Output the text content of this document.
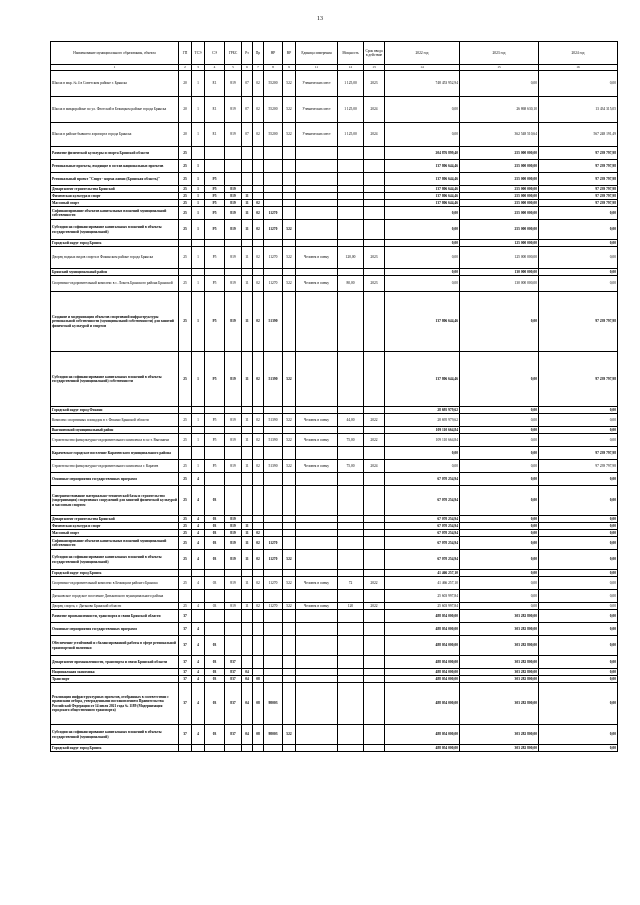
13
Наименование муниципального образования, объекта	ГП	ТСЭ	СЭ	ГРБС	Рз	Пр	НР	ВР	Единица измерения	Мощность	Срок ввода в действие	2022 год	2023 год	2024 год
1	2	3	4	5	6	7	8	9	11	12	13	14	15	16
Школа в мкр. № 4 в Советском районе г. Брянска	20	1	Е1	819	07	02	55200	522	Ученических мест	1 125,00	2023	748 453 952,94	0,00	0,00
Школа в микрорайоне по ул. Флотской в Бежицком районе города Брянска	20	1	Е1	819	07	02	55200	522	Ученических мест	1 125,00	2024	0,00	26 868 630,10	13 434 315,05
Школа в районе бывшего аэропорта города Брянска	20	1	Е1	819	07	02	55200	522	Ученических мест	1 125,00	2024	0,00	362 548 510,64	567 248 191,49
Развитие физической культуры и спорта Брянской области	25											204 876 899,40	255 000 000,00	97 239 797,98
Региональные проекты, входящие в состав национальных проектов	25	1										137 806 644,46	255 000 000,00	97 239 797,98
Региональный проект "Спорт - норма жизни (Брянская область)"	25	1	Р5									137 806 644,46	255 000 000,00	97 239 797,98
Департамент строительства Брянской	25	1	Р5	819								137 806 644,46	255 000 000,00	97 239 797,98
Физическая культура и спорт	25	1	Р5	819	11							137 806 644,46	255 000 000,00	97 239 797,98
Массовый спорт	25	1	Р5	819	11	02						137 806 644,46	255 000 000,00	97 239 797,98
Софинансирование объектов капитальных вложений муниципальной собственности	25	1	Р5	819	11	02	11270					0,00	255 000 000,00	0,00
Субсидии на софинансирование капитальных вложений в объекты государственной (муниципальной)	25	1	Р5	819	11	02	11270	522				0,00	255 000 000,00	0,00
Городской округ город Брянск												0,00	125 000 000,00	0,00
Дворец водных видов спорта в Фокинском районе города Брянска	25	1	Р5	819	11	02	11270	522	Человек в смену	120,00	2023	0,00	125 000 000,00	0,00
Брянский муниципальный район												0,00	130 000 000,00	0,00
Спортивно-оздоровительный комплекс в с. Локоть Брянского района Брянской	25	1	Р5	819	11	02	11270	522	Человек в смену	80,00	2023	0,00	130 000 000,00	0,00
Создание и модернизация объектов спортивной инфраструктуры региональной собственности (муниципальной собственности) для занятий физической культурой и спортом	25	1	Р5	819	11	02	51390					137 806 644,46	0,00	97 239 797,98
Субсидии на софинансирование капитальных вложений в объекты государственной (муниципальной) собственности	25	1	Р5	819	11	02	51390	522				137 806 644,46	0,00	97 239 797,98
Городской округ город Фокино												28 695 979,62	0,00	0,00
Комплекс спортивных площадок в г. Фокино Брянской области	25	1	Р5	819	11	02	51390	522	Человек в смену	44,00	2022	28 695 979,62	0,00	0,00
Выгоничский муниципальный район												109 110 664,84	0,00	0,00
Строительство физкультурно-оздоровительного комплекса в п.г.т. Выгоничи	25	1	Р5	819	11	02	51390	522	Человек в смену	75,00	2022	109 110 664,84	0,00	0,00
Карачевское городское поселение Карачевского муниципального района												0,00	0,00	97 239 797,98
Строительство физкультурно-оздоровительного комплекса г. Карачев	25	1	Р5	819	11	02	51390	522	Человек в смену	75,00	2024	0,00	0,00	97 239 797,98
Основные мероприятия государственных программ	25	4										67 070 254,94	0,00	0,00
Совершенствование материально-технической базы и строительство (модернизация) спортивных сооружений для занятий физической культурой и массовым спортом	25	4	03									67 070 254,94	0,00	0,00
Департамент строительства Брянской	25	4	03	819								67 070 254,94	0,00	0,00
Физическая культура и спорт	25	4	03	819	11							67 070 254,94	0,00	0,00
Массовый спорт	25	4	03	819	11	02						67 070 254,94	0,00	0,00
Софинансирование объектов капитальных вложений муниципальной собственности	25	4	03	819	11	02	11270					67 070 254,94	0,00	0,00
Субсидии на софинансирование капитальных вложений в объекты государственной (муниципальной)	25	4	03	819	11	02	11270	522				67 070 254,94	0,00	0,00
Городской округ город Брянск												41 466 257,10	0,00	0,00
Спортивно-оздоровительный комплекс в Бежицком районе г.Брянска	25	4	03	819	11	02	11270	522	Человек в смену	72	2022	41 466 257,10	0,00	0,00
Дятьковское городское поселение Дятьковского муниципального района												25 603 997,84	0,00	0,00
Дворец спорта, г. Дятьково Брянской области	25	4	03	819	11	02	11270	522	Человек в смену	120	2022	25 603 997,84	0,00	0,00
Развитие промышленности, транспорта и связи Брянской области	37											488 054 000,00	303 282 800,00	0,00
Основные мероприятия государственных программ	37	4										488 054 000,00	303 282 800,00	0,00
Обеспечение устойчивой и сбалансированной работы в сфере региональной транспортной политики	37	4	03									488 054 000,00	303 282 800,00	0,00
Департамент промышленности, транспорта и связи Брянской области	37	4	03	837								488 054 000,00	303 282 800,00	0,00
Национальная экономика	37	4	03	837	04							488 054 000,00	303 282 800,00	0,00
Транспорт	37	4	03	837	04	08						488 054 000,00	303 282 800,00	0,00
Реализация инфраструктурных проектов, отобранных в соответствии с правилами отбора, утвержденными постановлением Правительства Российской Федерации от 14 июля 2021 года № 1189 (Модернизация городского общественного транспорта)	37	4	03	837	04	08	98003					488 054 000,00	303 282 800,00	0,00
Субсидии на софинансирование капитальных вложений в объекты государственной (муниципальной)	37	4	03	837	04	08	98003	522				488 054 000,00	303 282 800,00	0,00
Городской округ город Брянск												488 054 000,00	303 282 800,00	0,00
